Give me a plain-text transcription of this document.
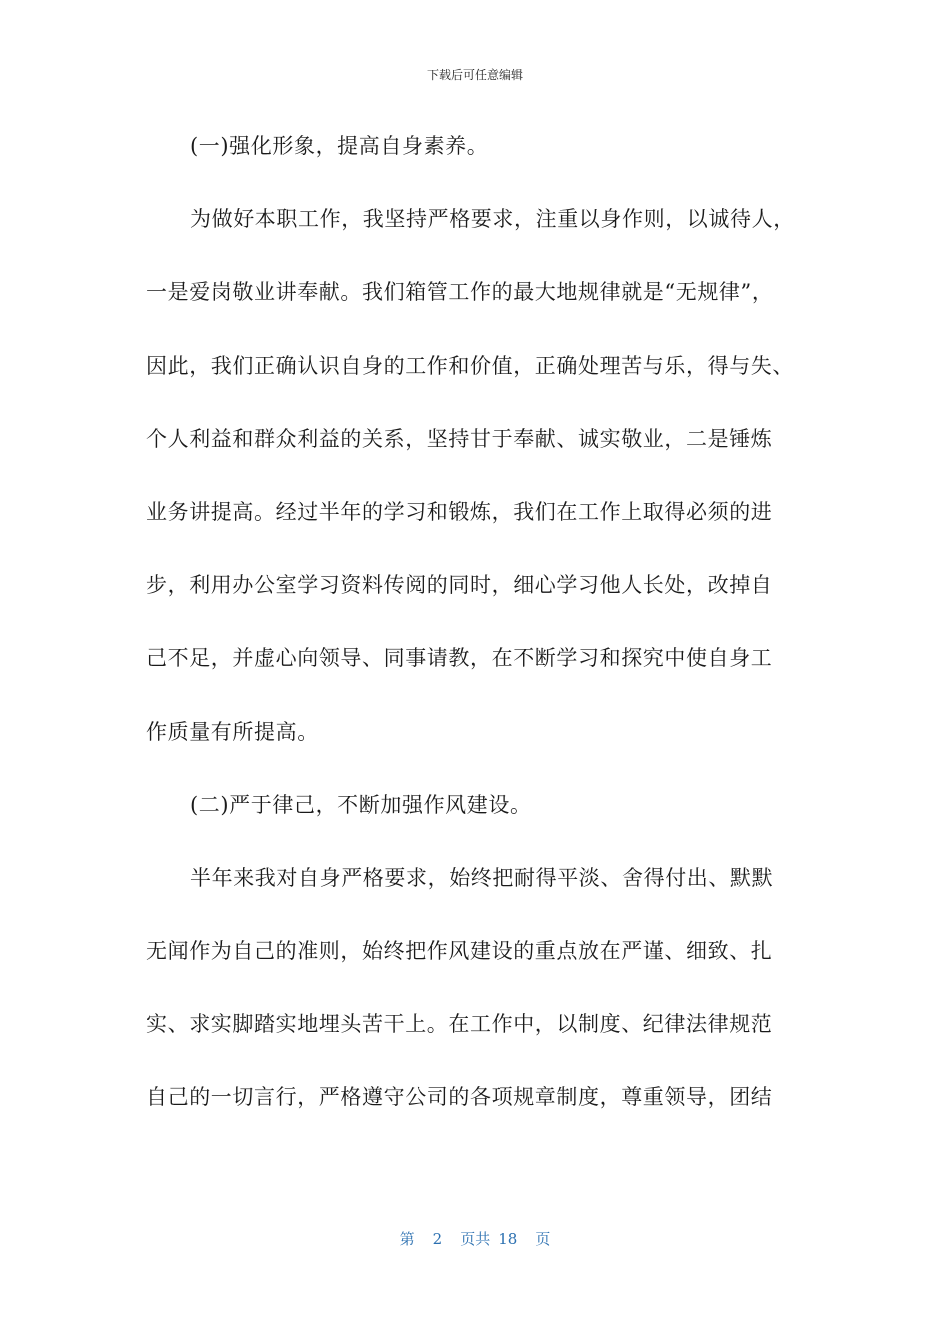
下载后可任意编辑
(一)强化形象，提高自身素养。
为做好本职工作，我坚持严格要求，注重以身作则，以诚待人，
一是爱岗敬业讲奉献。我们箱管工作的最大地规律就是“无规律”，
因此，我们正确认识自身的工作和价值，正确处理苦与乐，得与失、
个人利益和群众利益的关系，坚持甘于奉献、诚实敬业，二是锤炼
业务讲提高。经过半年的学习和锻炼，我们在工作上取得必须的进
步，利用办公室学习资料传阅的同时，细心学习他人长处，改掉自
己不足，并虚心向领导、同事请教，在不断学习和探究中使自身工
作质量有所提高。
(二)严于律己，不断加强作风建设。
半年来我对自身严格要求，始终把耐得平淡、舍得付出、默默
无闻作为自己的准则，始终把作风建设的重点放在严谨、细致、扎
实、求实脚踏实地埋头苦干上。在工作中，以制度、纪律法律规范
自己的一切言行，严格遵守公司的各项规章制度，尊重领导，团结
第 2 页共 18 页
